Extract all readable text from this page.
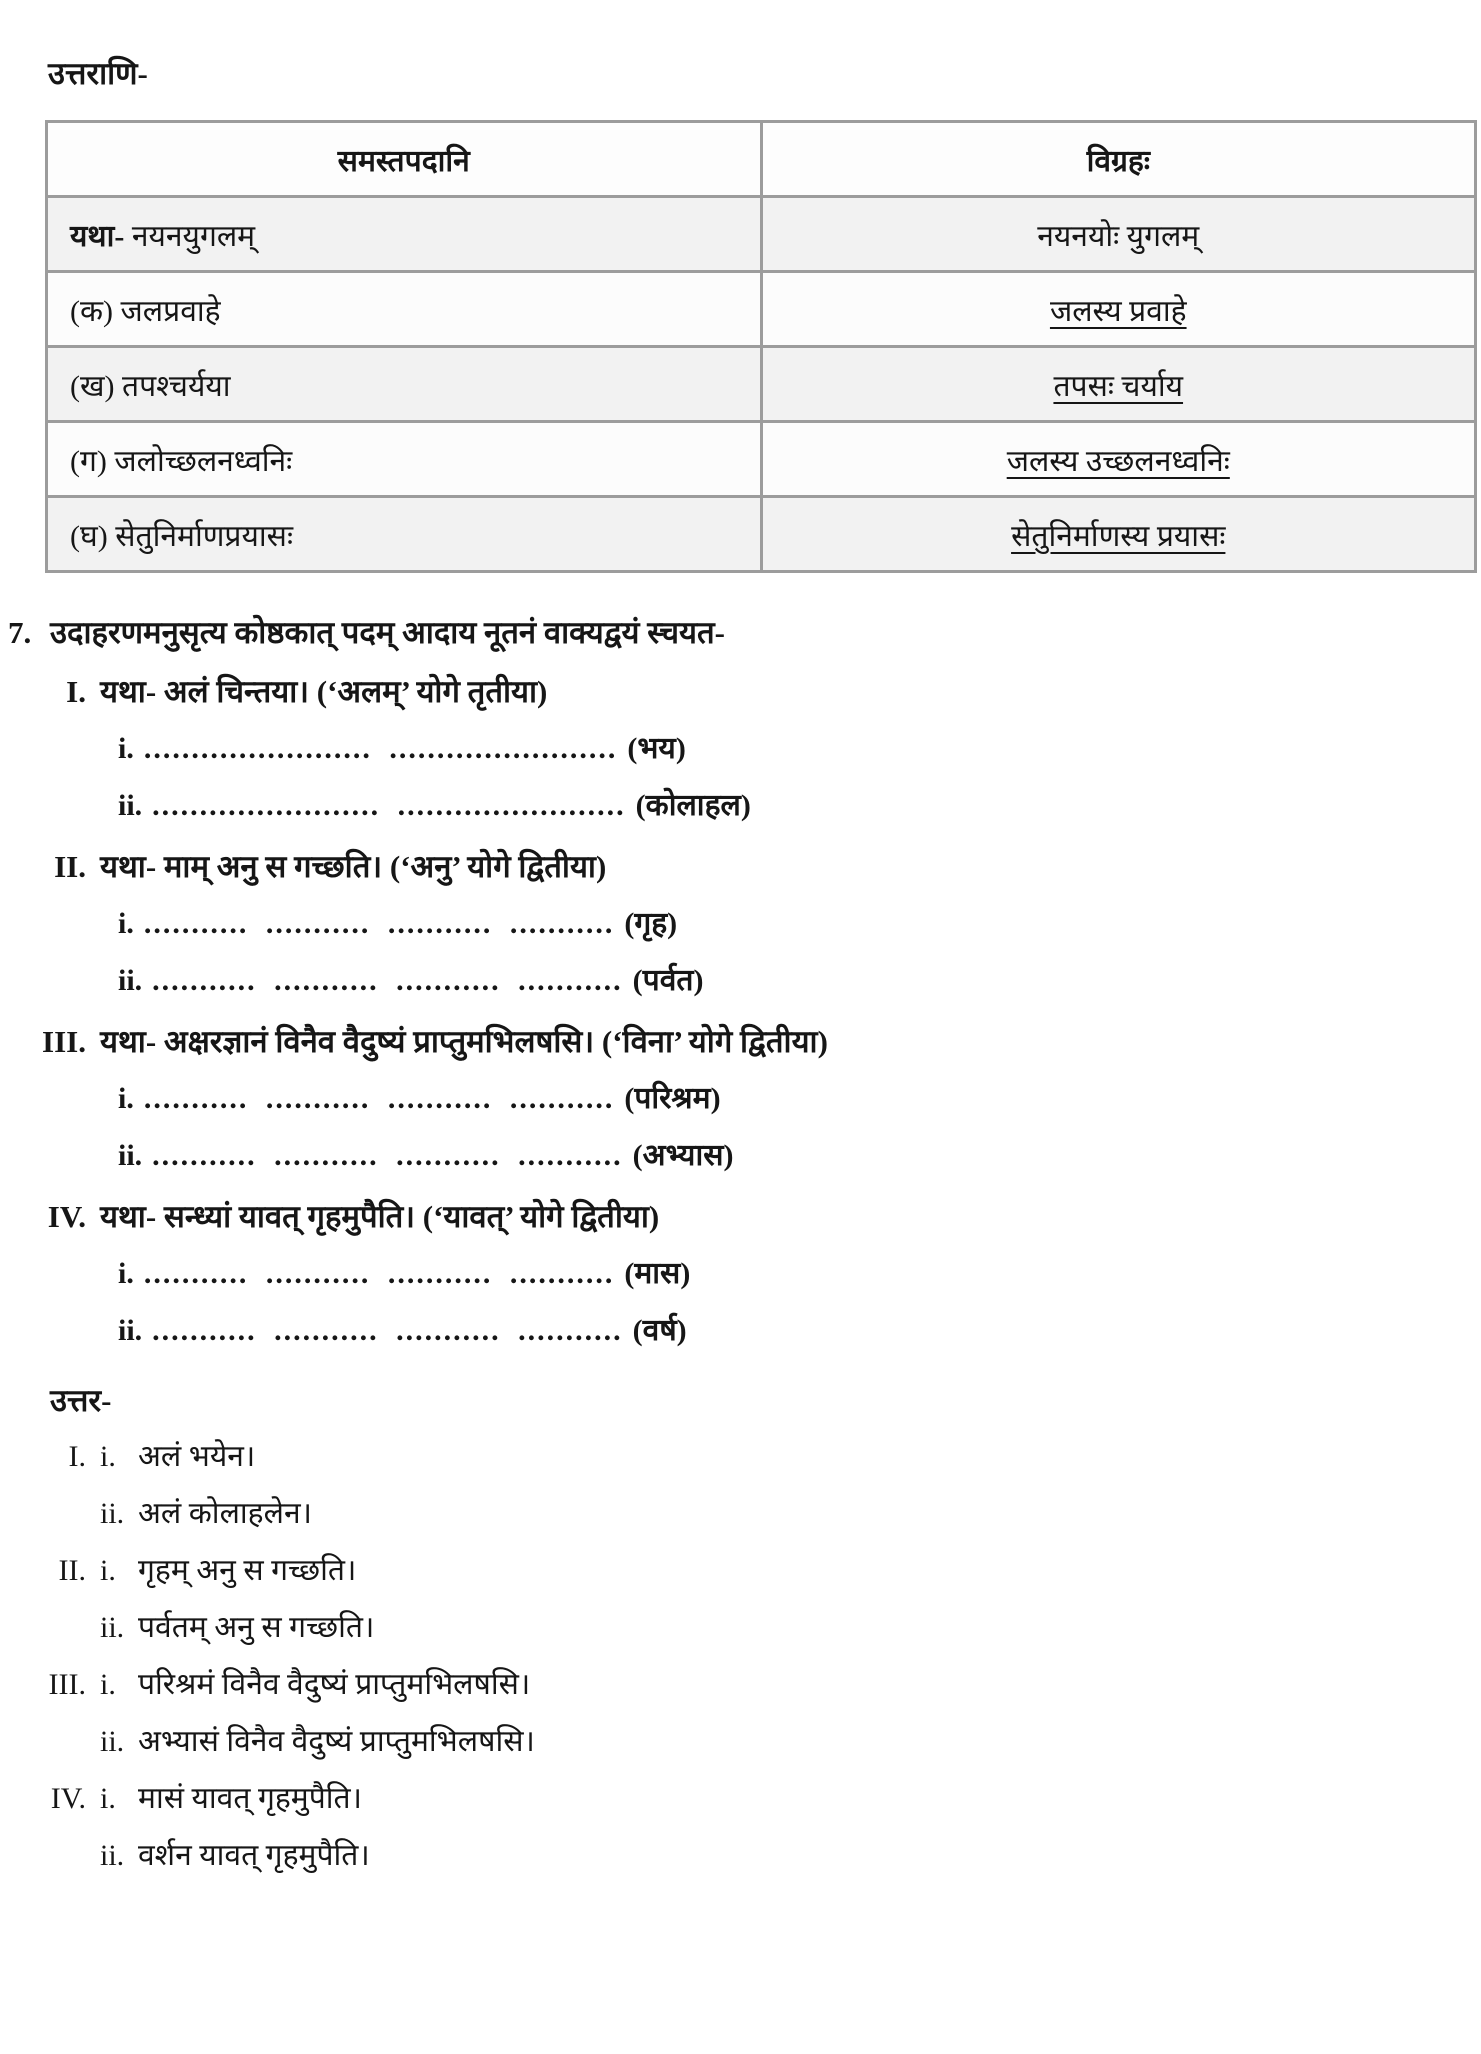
उत्तराणि-
समस्तपदानि	विग्रहः
यथा- नयनयुगलम्	नयनयोः युगलम्
(क) जलप्रवाहे	जलस्य प्रवाहे
(ख) तपश्चर्यया	तपसः चर्याय
(ग) जलोच्छलनध्वनिः	जलस्य उच्छलनध्वनिः
(घ) सेतुनिर्माणप्रयासः	सेतुनिर्माणस्य प्रयासः
7. उदाहरणमनुसृत्य कोष्ठकात् पदम् आदाय नूतनं वाक्यद्वयं स्चयत-
I. यथा- अलं चिन्तया। (‘अलम्’ योगे तृतीया)
i. ........................ ........................ (भय)
ii. ........................ ........................ (कोलाहल)
II. यथा- माम् अनु स गच्छति। (‘अनु’ योगे द्वितीया)
i. ........... ........... ........... ........... (गृह)
ii. ........... ........... ........... ........... (पर्वत)
III. यथा- अक्षरज्ञानं विनैव वैदुष्यं प्राप्तुमभिलषसि। (‘विना’ योगे द्वितीया)
i. ........... ........... ........... ........... (परिश्रम)
ii. ........... ........... ........... ........... (अभ्यास)
IV. यथा- सन्ध्यां यावत् गृहमुपैति। (‘यावत्’ योगे द्वितीया)
i. ........... ........... ........... ........... (मास)
ii. ........... ........... ........... ........... (वर्ष)
उत्तर-
I. i. अलं भयेन।
ii. अलं कोलाहलेन।
II. i. गृहम् अनु स गच्छति।
ii. पर्वतम् अनु स गच्छति।
III. i. परिश्रमं विनैव वैदुष्यं प्राप्तुमभिलषसि।
ii. अभ्यासं विनैव वैदुष्यं प्राप्तुमभिलषसि।
IV. i. मासं यावत् गृहमुपैति।
ii. वर्शन यावत् गृहमुपैति।
